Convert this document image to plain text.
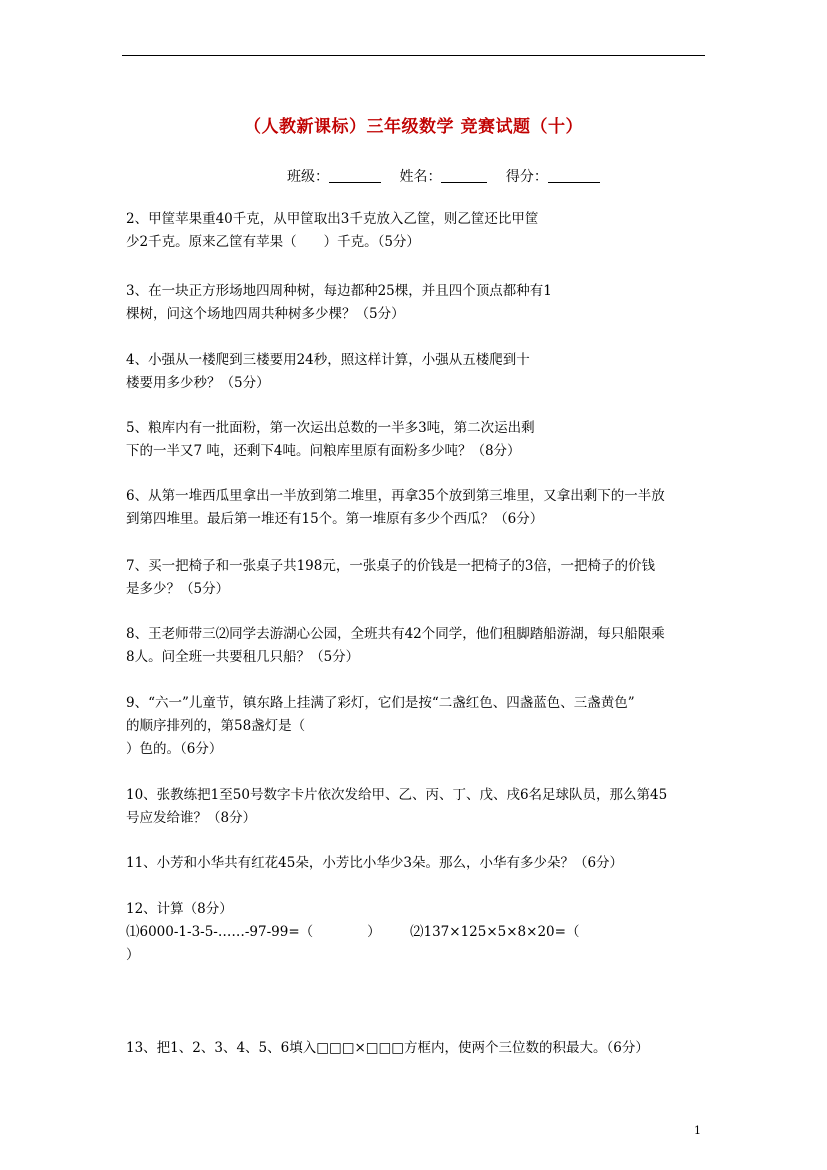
（人教新课标）三年级数学 竞赛试题（十）
班级：	姓名：	得分：
2、甲筐苹果重40千克，从甲筐取出3千克放入乙筐，则乙筐还比甲筐
少2千克。原来乙筐有苹果（　　）千克。（5分）
3、在一块正方形场地四周种树，每边都种25棵，并且四个顶点都种有1
棵树，问这个场地四周共种树多少棵？（5分）
4、小强从一楼爬到三楼要用24秒，照这样计算，小强从五楼爬到十
楼要用多少秒？（5分）
5、粮库内有一批面粉，第一次运出总数的一半多3吨，第二次运出剩
下的一半又7 吨，还剩下4吨。问粮库里原有面粉多少吨？（8分）
6、从第一堆西瓜里拿出一半放到第二堆里，再拿35个放到第三堆里，又拿出剩下的一半放
到第四堆里。最后第一堆还有15个。第一堆原有多少个西瓜？（6分）
7、买一把椅子和一张桌子共198元，一张桌子的价钱是一把椅子的3倍，一把椅子的价钱
是多少？（5分）
8、王老师带三⑵同学去游湖心公园，全班共有42个同学，他们租脚踏船游湖，每只船限乘
8人。问全班一共要租几只船？（5分）
9、“六一”儿童节，镇东路上挂满了彩灯，它们是按“二盏红色、四盏蓝色、三盏黄色”
的顺序排列的，第58盏灯是（
）色的。（6分）
10、张教练把1至50号数字卡片依次发给甲、乙、丙、丁、戊、戌6名足球队员，那么第45
号应发给谁？（8分）
11、小芳和小华共有红花45朵，小芳比小华少3朵。那么，小华有多少朵？（6分）
12、计算（8分）
⑴6000-1-3-5-……-97-99=（　　　　）	⑵137×125×5×8×20=（
）
13、把1、2、3、4、5、6填入□□□×□□□方框内，使两个三位数的积最大。（6分）
1
